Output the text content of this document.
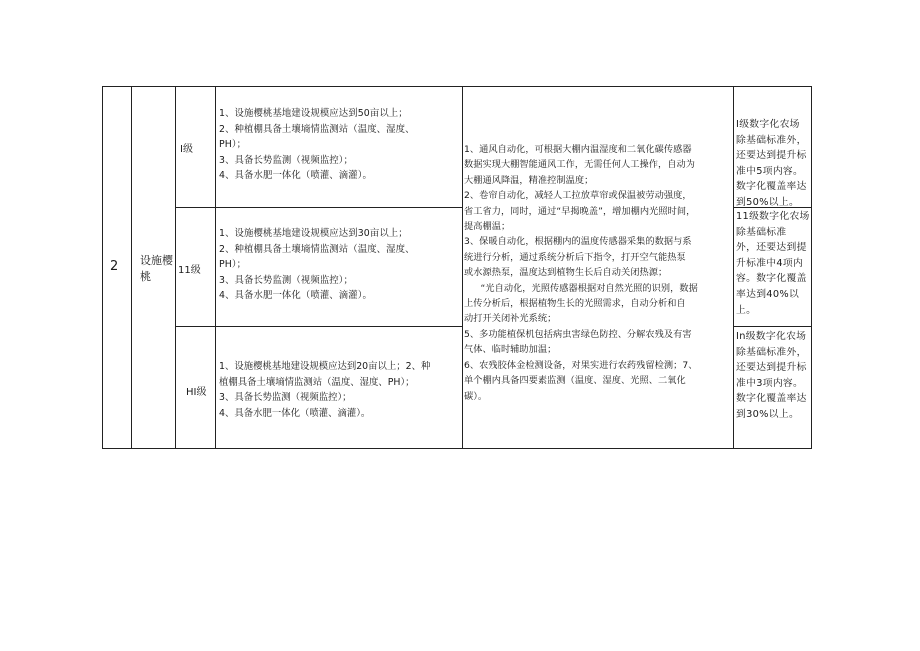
2	设施樱
桃
I级
11级
HI级
1、设施樱桃基地建设规模应达到50亩以上；
2、种植棚具备土壤墒情监测站（温度、湿度、
PH）；
3、具备长势监测（视频监控）；
4、具备水肥一体化（喷灌、滴灌）。
1、设施樱桃基地建设规模应达到30亩以上；
2、种植棚具备土壤墒情监测站（温度、湿度、
PH）；
3、具备长势监测（视频监控）；
4、具备水肥一体化（喷灌、滴灌）。
1、设施樱桃基地建设规模应达到20亩以上；2、种
植棚具备土壤墒情监测站（温度、湿度、PH）；
3、具备长势监测（视频监控）；
4、具备水肥一体化（喷灌、滴灌）。

1、通风自动化，可根据大棚内温湿度和二氧化碳传感器

数据实现大棚智能通风工作，无需任何人工操作，自动为

大棚通风降温，精准控制温度；

2、卷帘自动化，减轻人工拉放草帘或保温被劳动强度，

省工省力，同时，通过“早揭晚盖”，增加棚内光照时间，

提高棚温；

3、保暖自动化，根据棚内的温度传感器采集的数据与系

统进行分析，通过系统分析后下指令，打开空气能热泵

或水源热泵，温度达到植物生长后自动关闭热源；

“光自动化，光照传感器根据对自然光照的识别，数据

上传分析后，根据植物生长的光照需求，自动分析和自

动打开关闭补光系统；

5、多功能植保机包括病虫害绿色防控、分解农残及有害

气体、临时辅助加温；

6、农残胶体金检测设备，对果实进行农药残留检测；7、

单个棚内具备四要素监测（温度、湿度、光照、二氧化

碳）。

I级数字化农场

除基础标准外，

还要达到提升标

准中5项内容。

数字化覆盖率达

到50%以上。

11级数字化农场

除基础标准

外，还要达到提

升标准中4项内

容。数字化覆盖

率达到40%以

上。

In级数字化农场

除基础标准外，

还要达到提升标

准中3项内容。

数字化覆盖率达

到30%以上。
